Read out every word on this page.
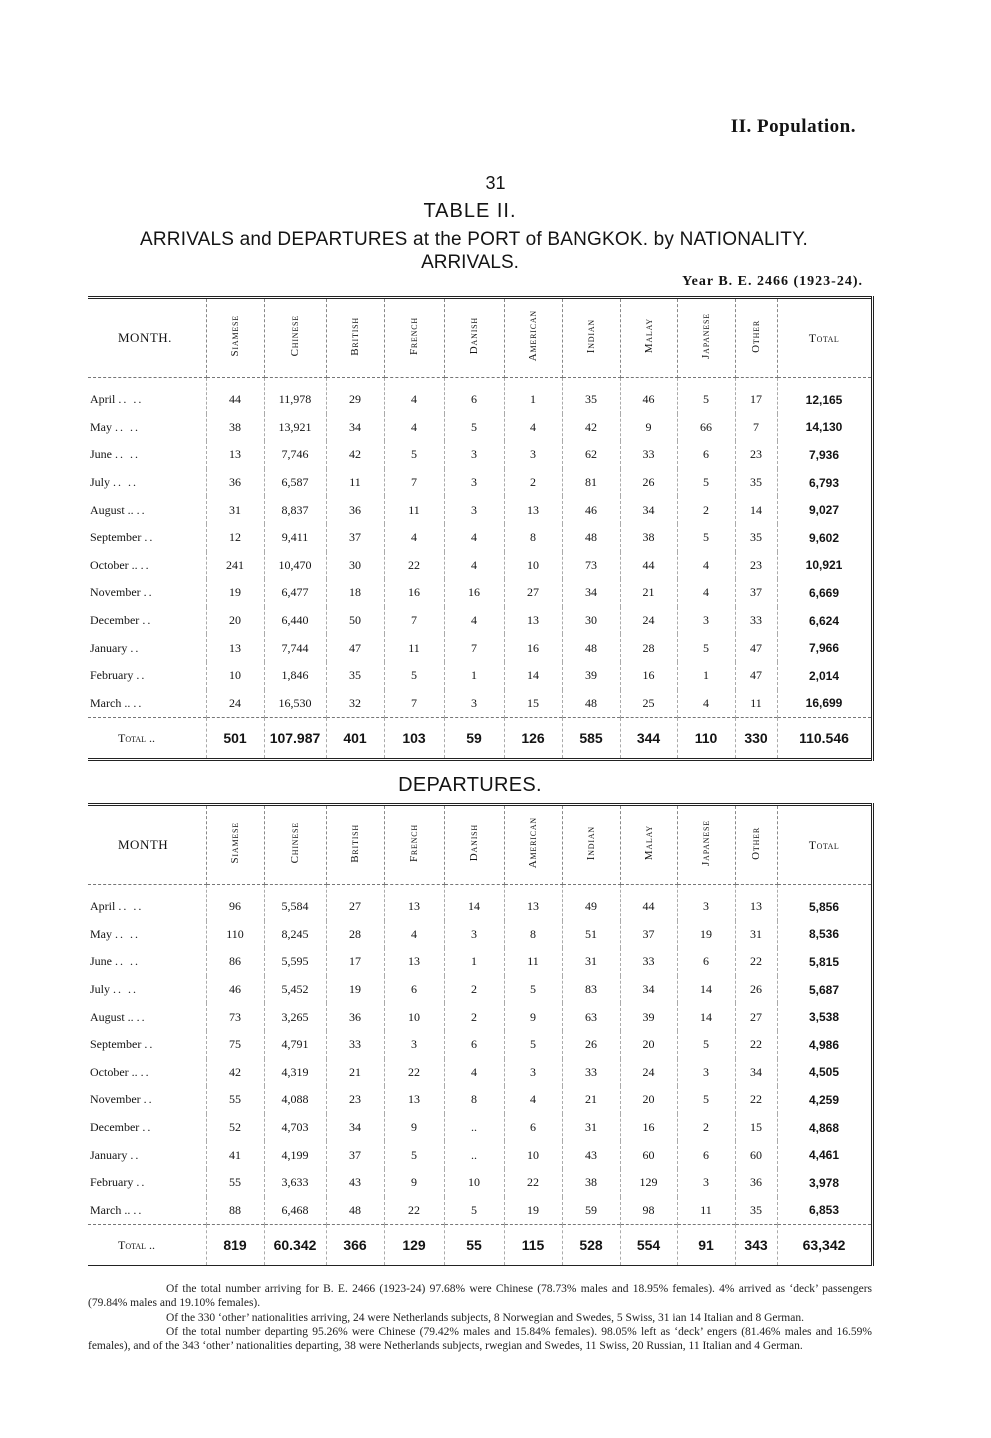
II. Population.
31
TABLE II.
ARRIVALS and DEPARTURES at the PORT of BANGKOK. by NATIONALITY.
ARRIVALS.
Year B. E. 2466 (1923-24).
MONTH.	Siamese	Chinese	British	French	Danish	American	Indian	Malay	Japanese	Other	Total
April .. ..	44	11,978	29	4	6	1	35	46	5	17	12,165
May .. ..	38	13,921	34	4	5	4	42	9	66	7	14,130
June .. ..	13	7,746	42	5	3	3	62	33	6	23	7,936
July .. ..	36	6,587	11	7	3	2	81	26	5	35	6,793
August .. ..	31	8,837	36	11	3	13	46	34	2	14	9,027
September ..	12	9,411	37	4	4	8	48	38	5	35	9,602
October .. ..	241	10,470	30	22	4	10	73	44	4	23	10,921
November ..	19	6,477	18	16	16	27	34	21	4	37	6,669
December ..	20	6,440	50	7	4	13	30	24	3	33	6,624
January ..	13	7,744	47	11	7	16	48	28	5	47	7,966
February ..	10	1,846	35	5	1	14	39	16	1	47	2,014
March .. ..	24	16,530	32	7	3	15	48	25	4	11	16,699
Total ..	501	107.987	401	103	59	126	585	344	110	330	110.546
DEPARTURES.
MONTH	Siamese	Chinese	British	French	Danish	American	Indian	Malay	Japanese	Other	Total
April .. ..	96	5,584	27	13	14	13	49	44	3	13	5,856
May .. ..	110	8,245	28	4	3	8	51	37	19	31	8,536
June .. ..	86	5,595	17	13	1	11	31	33	6	22	5,815
July .. ..	46	5,452	19	6	2	5	83	34	14	26	5,687
August .. ..	73	3,265	36	10	2	9	63	39	14	27	3,538
September ..	75	4,791	33	3	6	5	26	20	5	22	4,986
October .. ..	42	4,319	21	22	4	3	33	24	3	34	4,505
November ..	55	4,088	23	13	8	4	21	20	5	22	4,259
December ..	52	4,703	34	9	..	6	31	16	2	15	4,868
January ..	41	4,199	37	5	..	10	43	60	6	60	4,461
February ..	55	3,633	43	9	10	22	38	129	3	36	3,978
March .. ..	88	6,468	48	22	5	19	59	98	11	35	6,853
Total ..	819	60.342	366	129	55	115	528	554	91	343	63,342

Of the total number arriving for B. E. 2466 (1923-24) 97.68% were Chinese (78.73% males and 18.95% females). 4% arrived as ‘deck’ passengers (79.84% males and 19.10% females).

Of the 330 ‘other’ nationalities arriving, 24 were Netherlands subjects, 8 Norwegian and Swedes, 5 Swiss, 31 ian 14 Italian and 8 German.

Of the total number departing 95.26% were Chinese (79.42% males and 15.84% females). 98.05% left as ‘deck’ engers (81.46% males and 16.59% females), and of the 343 ‘other’ nationalities departing, 38 were Netherlands subjects, rwegian and Swedes, 11 Swiss, 20 Russian, 11 Italian and 4 German.
